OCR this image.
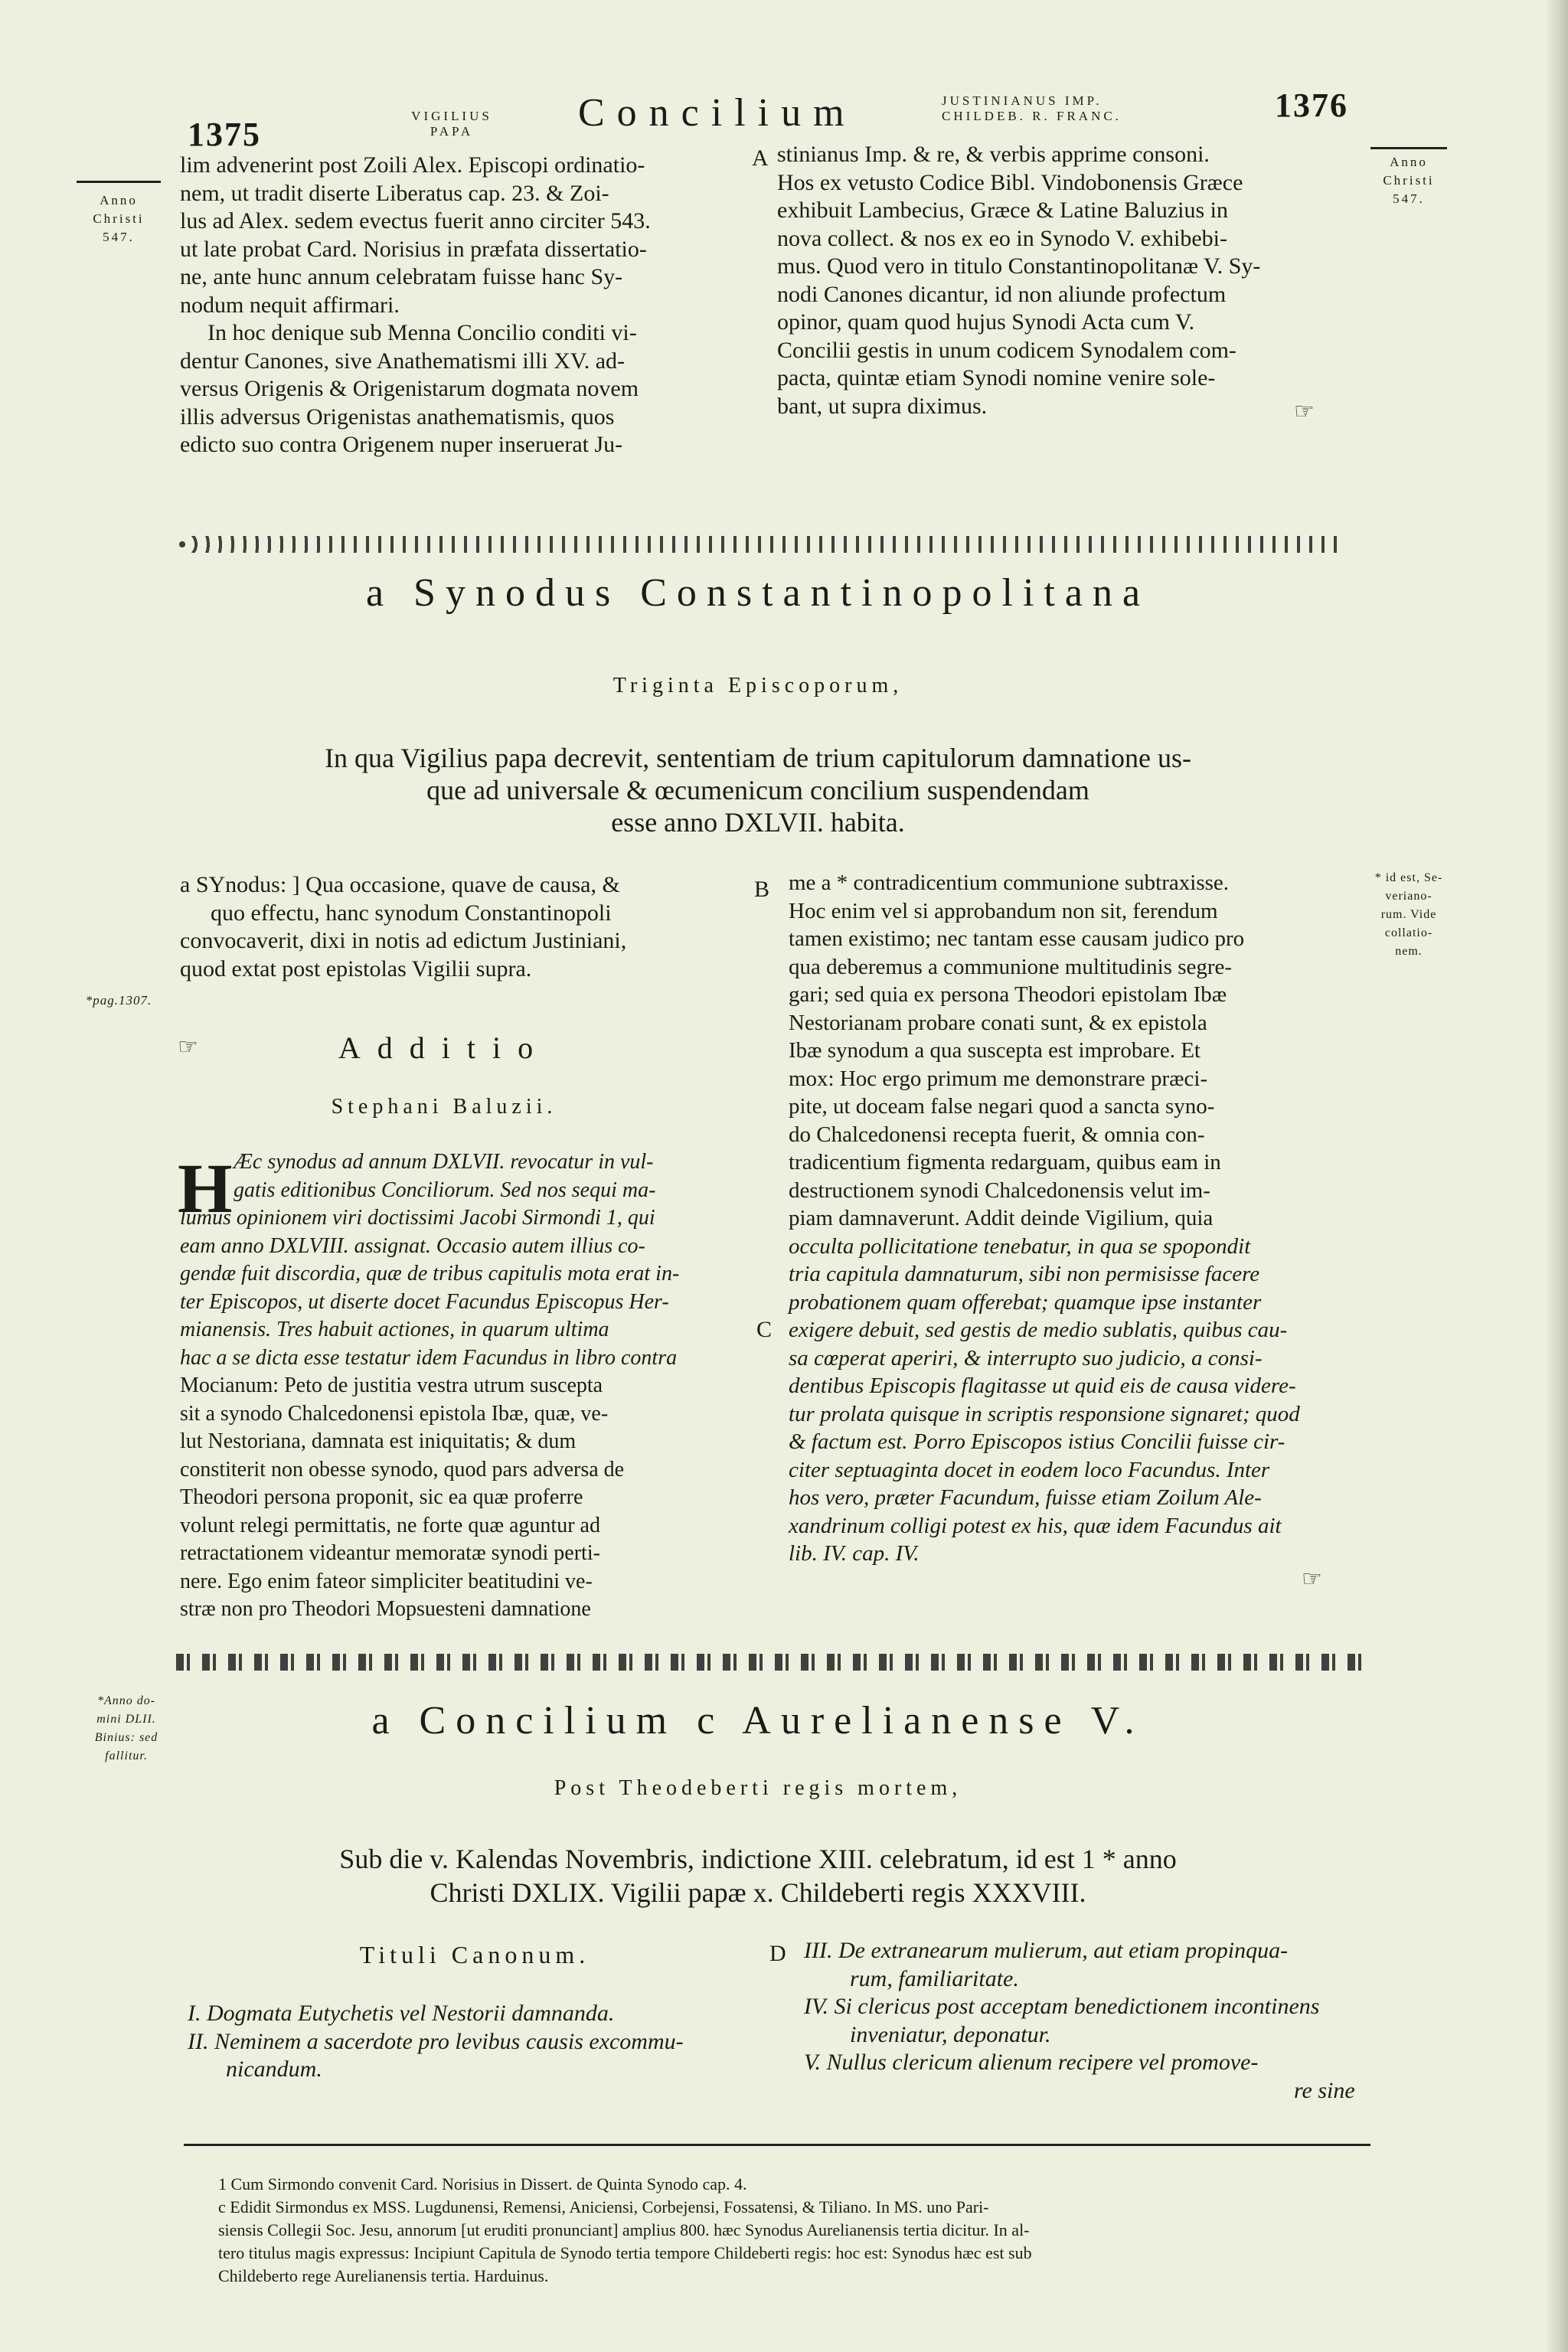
1375	VIGILIUS
PAPA	Concilium	JUSTINIANUS IMP.
CHILDEB. R. FRANC.	1376
Anno
Christi
547.
Anno
Christi
547.
lim advenerint post Zoili Alex. Episcopi ordinatio-
nem, ut tradit diserte Liberatus cap. 23. & Zoi-
lus ad Alex. sedem evectus fuerit anno circiter 543.
ut late probat Card. Norisius in præfata dissertatio-
ne, ante hunc annum celebratam fuisse hanc Sy-
nodum nequit affirmari.
In hoc denique sub Menna Concilio conditi vi-
dentur Canones, sive Anathematismi illi XV. ad-
versus Origenis & Origenistarum dogmata novem
illis adversus Origenistas anathematismis, quos
edicto suo contra Origenem nuper inseruerat Ju-
A stinianus Imp. & re, & verbis apprime consoni.
Hos ex vetusto Codice Bibl. Vindobonensis Græce
exhibuit Lambecius, Græce & Latine Baluzius in
nova collect. & nos ex eo in Synodo V. exhibebi-
mus. Quod vero in titulo Constantinopolitanæ V. Sy-
nodi Canones dicantur, id non aliunde profectum
opinor, quam quod hujus Synodi Acta cum V.
Concilii gestis in unum codicem Synodalem com-
pacta, quintæ etiam Synodi nomine venire sole-
bant, ut supra diximus.	☞
a Synodus Constantinopolitana
Triginta Episcoporum,
In qua Vigilius papa decrevit, sententiam de trium capitulorum damnatione us-
que ad universale & œcumenicum concilium suspendendam
esse anno DXLVII. habita.
a SYnodus: ] Qua occasione, quave de causa, &
quo effectu, hanc synodum Constantinopoli
convocaverit, dixi in notis ad edictum Justiniani,
quod extat post epistolas Vigilii supra.
*pag.1307.
☞	Additio
Stephani Baluzii.
H Æc synodus ad annum DXLVII. revocatur in vul-
gatis editionibus Conciliorum. Sed nos sequi ma-
lumus opinionem viri doctissimi Jacobi Sirmondi 1, qui
eam anno DXLVIII. assignat. Occasio autem illius co-
gendæ fuit discordia, quæ de tribus capitulis mota erat in-
ter Episcopos, ut diserte docet Facundus Episcopus Her-
mianensis. Tres habuit actiones, in quarum ultima
hac a se dicta esse testatur idem Facundus in libro contra
Mocianum: Peto de justitia vestra utrum suscepta
sit a synodo Chalcedonensi epistola Ibæ, quæ, ve-
lut Nestoriana, damnata est iniquitatis; & dum
constiterit non obesse synodo, quod pars adversa de
Theodori persona proponit, sic ea quæ proferre
volunt relegi permittatis, ne forte quæ aguntur ad
retractationem videantur memoratæ synodi perti-
nere. Ego enim fateor simpliciter beatitudini ve-
stræ non pro Theodori Mopsuesteni damnatione
B
C
me a * contradicentium communione subtraxisse.
Hoc enim vel si approbandum non sit, ferendum
tamen existimo; nec tantam esse causam judico pro
qua deberemus a communione multitudinis segre-
gari; sed quia ex persona Theodori epistolam Ibæ
Nestorianam probare conati sunt, & ex epistola
Ibæ synodum a qua suscepta est improbare. Et
mox: Hoc ergo primum me demonstrare præci-
pite, ut doceam false negari quod a sancta syno-
do Chalcedonensi recepta fuerit, & omnia con-
tradicentium figmenta redarguam, quibus eam in
destructionem synodi Chalcedonensis velut im-
piam damnaverunt. Addit deinde Vigilium, quia
occulta pollicitatione tenebatur, in qua se spopondit
tria capitula damnaturum, sibi non permisisse facere
probationem quam offerebat; quamque ipse instanter
exigere debuit, sed gestis de medio sublatis, quibus cau-
sa cœperat aperiri, & interrupto suo judicio, a consi-
dentibus Episcopis flagitasse ut quid eis de causa videre-
tur prolata quisque in scriptis responsione signaret; quod
& factum est. Porro Episcopos istius Concilii fuisse cir-
citer septuaginta docet in eodem loco Facundus. Inter
hos vero, præter Facundum, fuisse etiam Zoilum Ale-
xandrinum colligi potest ex his, quæ idem Facundus ait
lib. IV. cap. IV.
* id est, Se-
veriano-
rum. Vide
collatio-
nem.
☞
*Anno do-
mini DLII.
Binius: sed
fallitur.
a Concilium c Aurelianense V.
Post Theodeberti regis mortem,
Sub die v. Kalendas Novembris, indictione XIII. celebratum, id est 1 * anno
Christi DXLIX. Vigilii papæ x. Childeberti regis XXXVIII.
Tituli Canonum.	D
I. Dogmata Eutychetis vel Nestorii damnanda.
II. Neminem a sacerdote pro levibus causis excommu-
nicandum.
III. De extranearum mulierum, aut etiam propinqua-
rum, familiaritate.
IV. Si clericus post acceptam benedictionem incontinens
inveniatur, deponatur.
V. Nullus clericum alienum recipere vel promove-
re sine
1 Cum Sirmondo convenit Card. Norisius in Dissert. de Quinta Synodo cap. 4.
c Edidit Sirmondus ex MSS. Lugdunensi, Remensi, Aniciensi, Corbejensi, Fossatensi, & Tiliano. In MS. uno Pari-
siensis Collegii Soc. Jesu, annorum [ut eruditi pronunciant] amplius 800. hæc Synodus Aurelianensis tertia dicitur. In al-
tero titulus magis expressus: Incipiunt Capitula de Synodo tertia tempore Childeberti regis: hoc est: Synodus hæc est sub
Childeberto rege Aurelianensis tertia. Harduinus.
